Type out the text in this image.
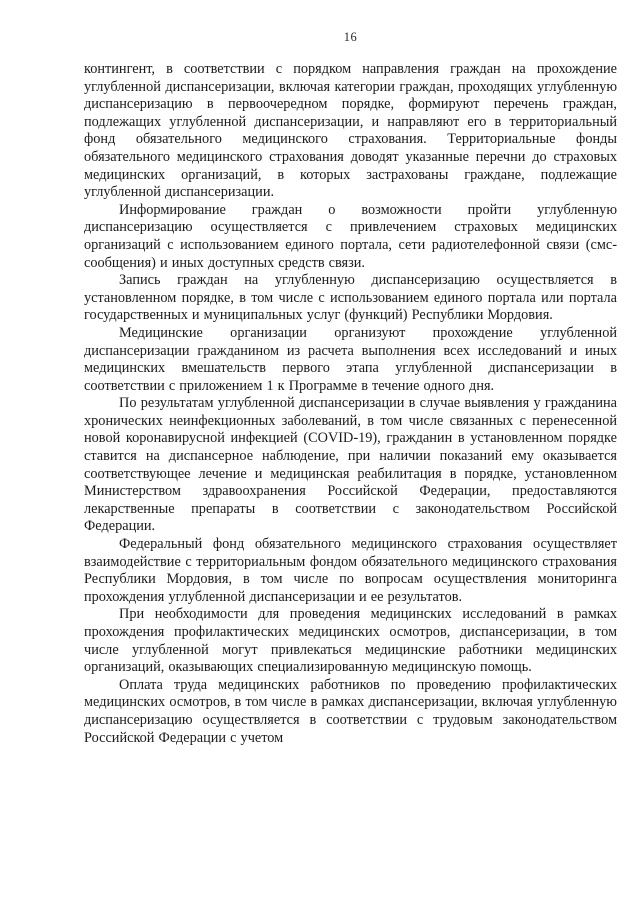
16

контингент, в соответствии с порядком направления граждан на прохождение углубленной диспансеризации, включая категории граждан, проходящих углубленную диспансеризацию в первоочередном порядке, формируют перечень граждан, подлежащих углубленной диспансеризации, и направляют его в территориальный фонд обязательного медицинского страхования. Территориальные фонды обязательного медицинского страхования доводят указанные перечни до страховых медицинских организаций, в которых застрахованы граждане, подлежащие углубленной диспансеризации.

Информирование граждан о возможности пройти углубленную диспансеризацию осуществляется с привлечением страховых медицинских организаций с использованием единого портала, сети радиотелефонной связи (смс-сообщения) и иных доступных средств связи.

Запись граждан на углубленную диспансеризацию осуществляется в установленном порядке, в том числе с использованием единого портала или портала государственных и муниципальных услуг (функций) Республики Мордовия.

Медицинские организации организуют прохождение углубленной диспансеризации гражданином из расчета выполнения всех исследований и иных медицинских вмешательств первого этапа углубленной диспансеризации в соответствии с приложением 1 к Программе в течение одного дня.

По результатам углубленной диспансеризации в случае выявления у гражданина хронических неинфекционных заболеваний, в том числе связанных с перенесенной новой коронавирусной инфекцией (COVID-19), гражданин в установленном порядке ставится на диспансерное наблюдение, при наличии показаний ему оказывается соответствующее лечение и медицинская реабилитация в порядке, установленном Министерством здравоохранения Российской Федерации, предоставляются лекарственные препараты в соответствии с законодательством Российской Федерации.

Федеральный фонд обязательного медицинского страхования осуществляет взаимодействие с территориальным фондом обязательного медицинского страхования Республики Мордовия, в том числе по вопросам осуществления мониторинга прохождения углубленной диспансеризации и ее результатов.

При необходимости для проведения медицинских исследований в рамках прохождения профилактических медицинских осмотров, диспансеризации, в том числе углубленной могут привлекаться медицинские работники медицинских организаций, оказывающих специализированную медицинскую помощь.

Оплата труда медицинских работников по проведению профилактических медицинских осмотров, в том числе в рамках диспансеризации, включая углубленную диспансеризацию осуществляется в соответствии с трудовым законодательством Российской Федерации с учетом
